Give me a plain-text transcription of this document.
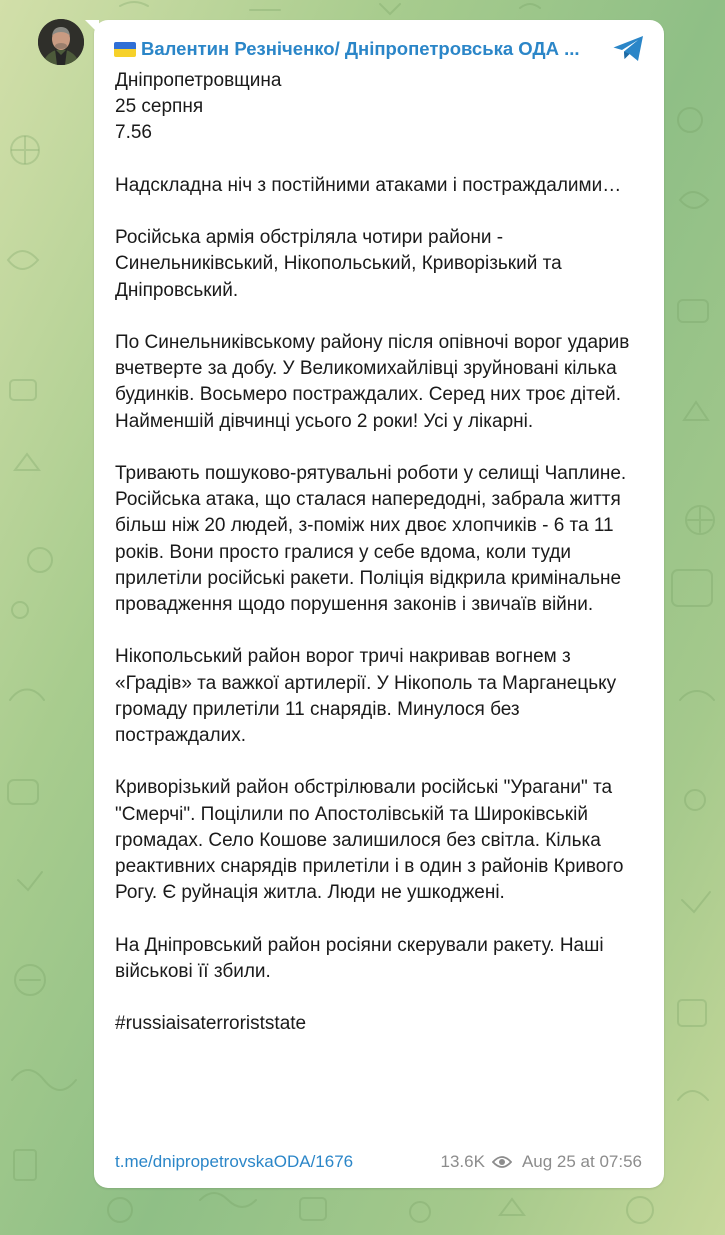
Валентин Резніченко/ Дніпропетровська ОДА ...

Дніпропетровщина
25 серпня
7.56

Надскладна ніч з постійними атаками і постраждалими…

Російська армія обстріляла чотири райони - Синельниківський, Нікопольський, Криворізький та Дніпровський.

По Синельниківському району після опівночі ворог ударив вчетверте за добу. У Великомихайлівці зруйновані кілька будинків. Восьмеро постраждалих. Серед них троє дітей. Найменшій дівчинці усього 2 роки! Усі у лікарні.

Тривають пошуково-рятувальні роботи у селищі Чаплине. Російська атака, що сталася напередодні, забрала життя більш ніж 20 людей, з-поміж них двоє хлопчиків - 6 та 11 років. Вони просто гралися у себе вдома, коли туди прилетіли російські ракети. Поліція відкрила кримінальне провадження щодо порушення законів і звичаїв війни.

Нікопольський район ворог тричі накривав вогнем з «Градів» та важкої артилерії. У Нікополь та Марганецьку громаду прилетіли 11 снарядів. Минулося без постраждалих.

Криворізький район обстрілювали російські "Урагани" та "Смерчі". Поцілили по Апостолівській та Широківській громадах. Село Кошове залишилося без світла. Кілька реактивних снарядів прилетіли і в один з районів Кривого Рогу. Є руйнація житла. Люди не ушкоджені.

На Дніпровський район росіяни скерували ракету. Наші військові її збили.

#russiaisaterroriststate

t.me/dnipropetrovskaODA/1676	13.6K Aug 25 at 07:56
